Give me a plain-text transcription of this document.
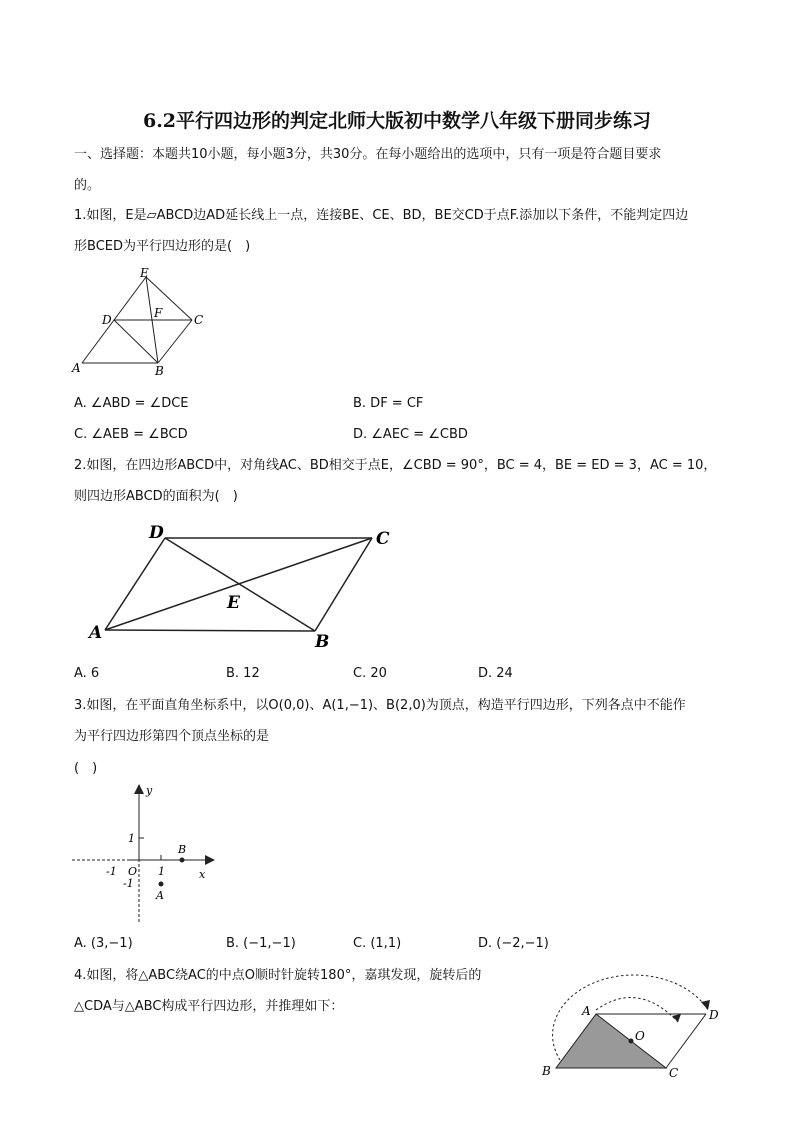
6.2平行四边形的判定北师大版初中数学八年级下册同步练习
一、选择题：本题共10小题，每小题3分，共30分。在每小题给出的选项中，只有一项是符合题目要求
的。
1.如图，E是▱ABCD边AD延长线上一点，连接BE、CE、BD，BE交CD于点F.添加以下条件，不能判定四边
形BCED为平行四边形的是(　)
E
D	F	C
A	B
A. ∠ABD = ∠DCE	B. DF = CF
C. ∠AEB = ∠BCD	D. ∠AEC = ∠CBD
2.如图，在四边形ABCD中，对角线AC、BD相交于点E，∠CBD = 90°，BC = 4，BE = ED = 3，AC = 10，
则四边形ABCD的面积为(　)
D	C
E
A	B
A. 6	B. 12	C. 20	D. 24
3.如图，在平面直角坐标系中，以O(0,0)、A(1,−1)、B(2,0)为顶点，构造平行四边形，下列各点中不能作
为平行四边形第四个顶点坐标的是
(　)
y
x
1
-1 O 1
-1
B
A
A. (3,−1)	B. (−1,−1)	C. (1,1)	D. (−2,−1)
4.如图，将△ABC绕AC的中点O顺时针旋转180°，嘉琪发现，旋转后的
△CDA与△ABC构成平行四边形，并推理如下：	A	D
O
B	C
